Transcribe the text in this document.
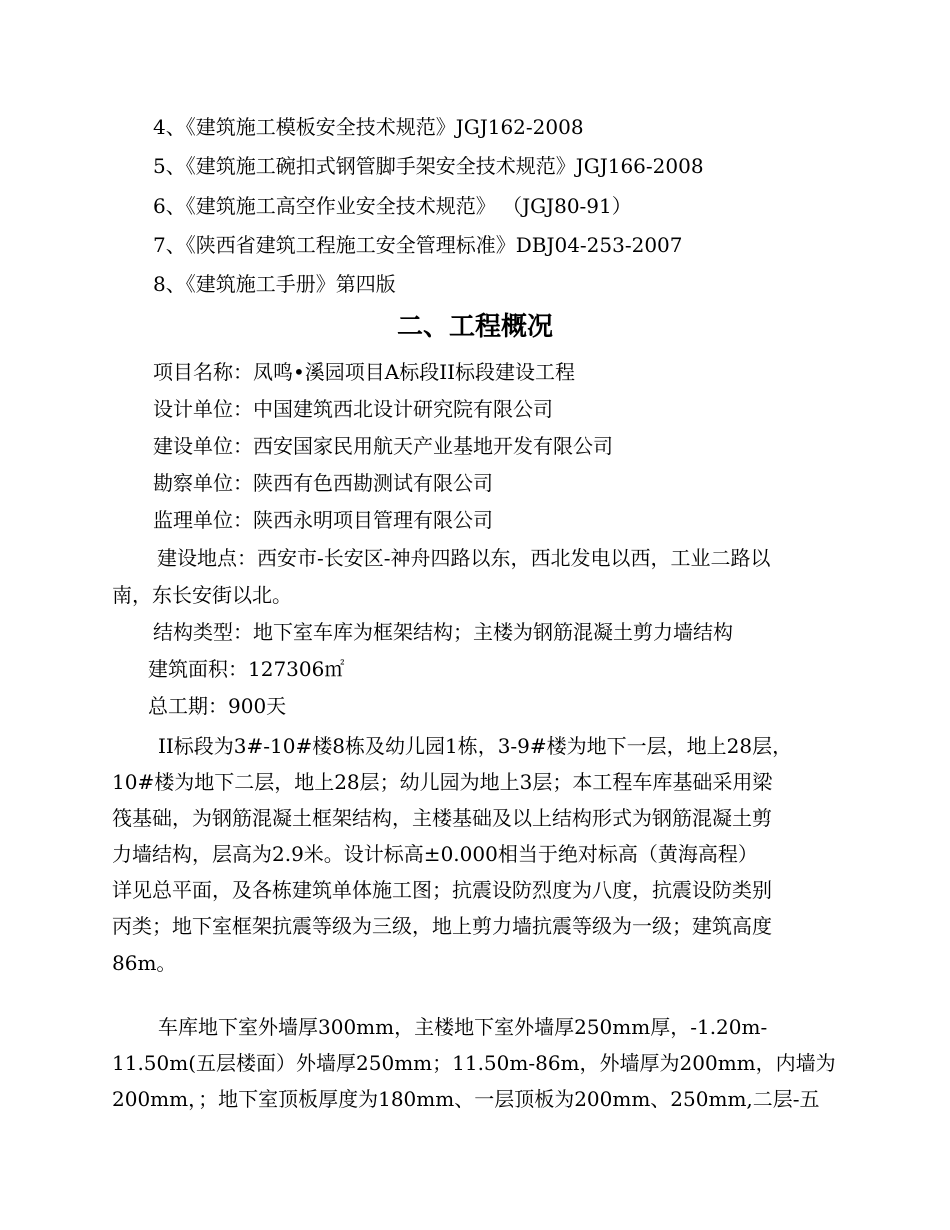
4、《建筑施工模板安全技术规范》JGJ162-2008
5、《建筑施工碗扣式钢管脚手架安全技术规范》JGJ166-2008
6、《建筑施工高空作业安全技术规范》 （JGJ80-91）
7、《陕西省建筑工程施工安全管理标准》DBJ04-253-2007
8、《建筑施工手册》第四版
二、工程概况
项目名称：凤鸣•溪园项目A标段II标段建设工程
设计单位：中国建筑西北设计研究院有限公司
建设单位：西安国家民用航天产业基地开发有限公司
勘察单位：陕西有色西勘测试有限公司
监理单位：陕西永明项目管理有限公司
建设地点：西安市-长安区-神舟四路以东，西北发电以西，工业二路以
南，东长安街以北。
结构类型：地下室车库为框架结构；主楼为钢筋混凝土剪力墙结构
建筑面积：127306㎡
总工期：900天
II标段为3#-10#楼8栋及幼儿园1栋，3-9#楼为地下一层，地上28层，
10#楼为地下二层，地上28层；幼儿园为地上3层；本工程车库基础采用梁
筏基础，为钢筋混凝土框架结构，主楼基础及以上结构形式为钢筋混凝土剪
力墙结构，层高为2.9米。设计标高±0.000相当于绝对标高（黄海高程）
详见总平面，及各栋建筑单体施工图；抗震设防烈度为八度，抗震设防类别
丙类；地下室框架抗震等级为三级，地上剪力墙抗震等级为一级；建筑高度
86m。
车库地下室外墙厚300mm，主楼地下室外墙厚250mm厚，-1.20m-
11.50m(五层楼面）外墙厚250mm；11.50m-86m，外墙厚为200mm，内墙为
200mm，；地下室顶板厚度为180mm、一层顶板为200mm、250mm,二层-五
